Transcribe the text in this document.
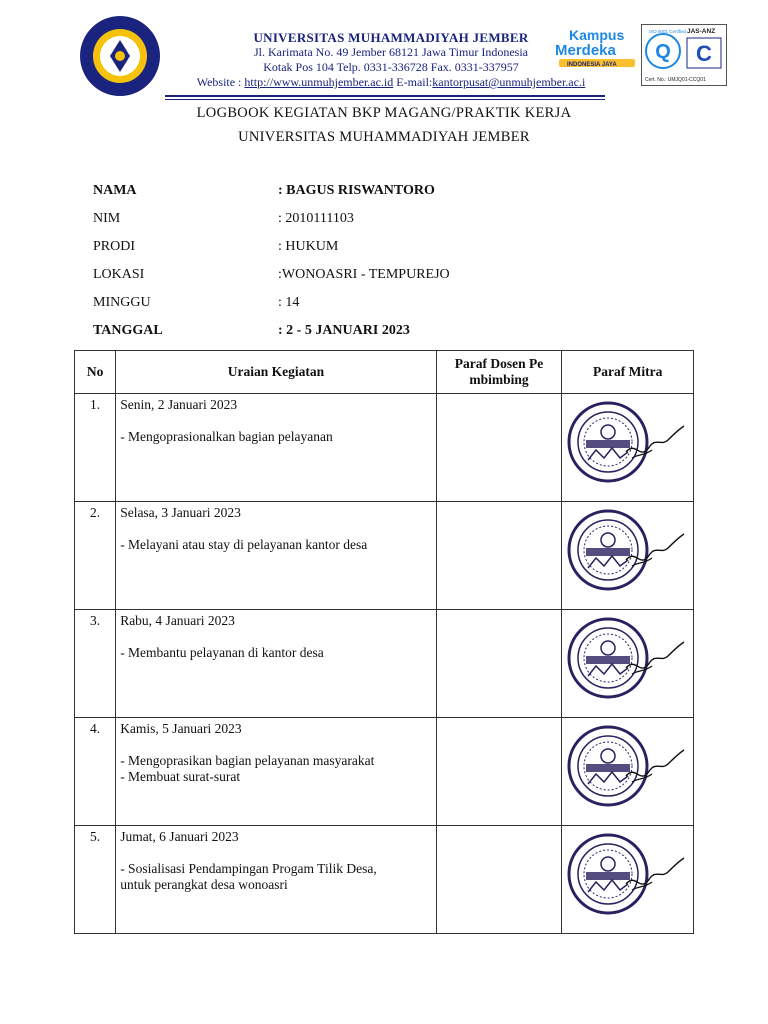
UNIVERSITAS MUHAMMADIYAH JEMBER
Jl. Karimata No. 49 Jember 68121 Jawa Timur Indonesia
Kotak Pos 104 Telp. 0331-336728 Fax. 0331-337957
Website : http://www.unmuhjember.ac.id E-mail:kantorpusat@unmuhjember.ac.i
Kampus
Merdeka
INDONESIA JAYA
Q
ISO 9001 Certified JAS-ANZ
C
Cert. No.: UMJQ01-CCQ01
LOGBOOK KEGIATAN BKP MAGANG/PRAKTIK KERJA
UNIVERSITAS MUHAMMADIYAH JEMBER
NAMA	: BAGUS RISWANTORO
NIM	: 2010111103
PRODI	: HUKUM
LOKASI	:WONOASRI - TEMPUREJO
MINGGU	: 14
TANGGAL	: 2 - 5 JANUARI 2023
No	Uraian Kegiatan	Paraf Dosen Pe mbimbing	Paraf Mitra
1.	Senin, 2 Januari 2023
- Mengoprasionalkan bagian pelayanan

2.	Selasa, 3 Januari 2023
- Melayani atau stay di pelayanan kantor desa

3.	Rabu, 4 Januari 2023
- Membantu pelayanan di kantor desa

4.	Kamis, 5 Januari 2023
- Mengoprasikan bagian pelayanan masyarakat
- Membuat surat-surat

5.	Jumat, 6 Januari 2023
- Sosialisasi Pendampingan Progam Tilik Desa,
untuk perangkat desa wonoasri
